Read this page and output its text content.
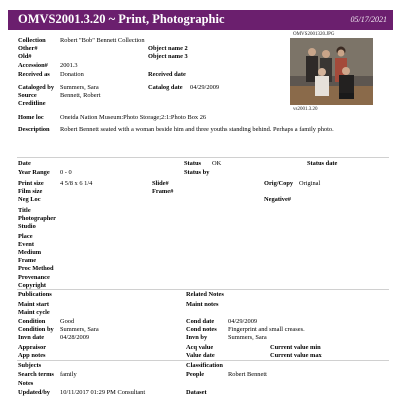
OMVS2001.3.20 ~ Print, Photographic	05/17/2021
Collection Robert "Bob" Bennett Collection
Other#	Object name 2
Old#	Object name 3
Accession# 2001.3
Received as Donation	Received date
Cataloged by Summers, Sara	Catalog date 04/29/2009
Source	Bennett, Robert
Creditline
OMVS2001320.JPG
vs2001.3.20
Home loc	Oneida Nation Museum:Photo Storage;2:1:Photo Box 26
Description Robert Bennett seated with a woman beside him and three youths standing behind. Perhaps a family photo.
Date	Status OK	Status date
Year Range 0 - 0	Status by
Print size	4 5/8 x 6 1/4	Slide#	Orig/Copy Original
Film size	Frame#
Neg Loc	Negative#
Title
Photographer
Studio
Place
Event
Medium
Frame
Proc Method
Provenance
Copyright
Publications	Related Notes
Maint start	Maint notes
Maint cycle
Condition Good	Cond date 04/29/2009
Condition by Summers, Sara	Cond notes Fingerprint and small creases.
Invn date 04/28/2009	Invn by	Summers, Sara
Appraisor	Acq value	Current value min
App notes	Value date	Current value max
Subjects	Classification
Search terms family	People	Robert Bennett
Notes
Updated/by 10/11/2017 01:29 PM Consultant	Dataset
